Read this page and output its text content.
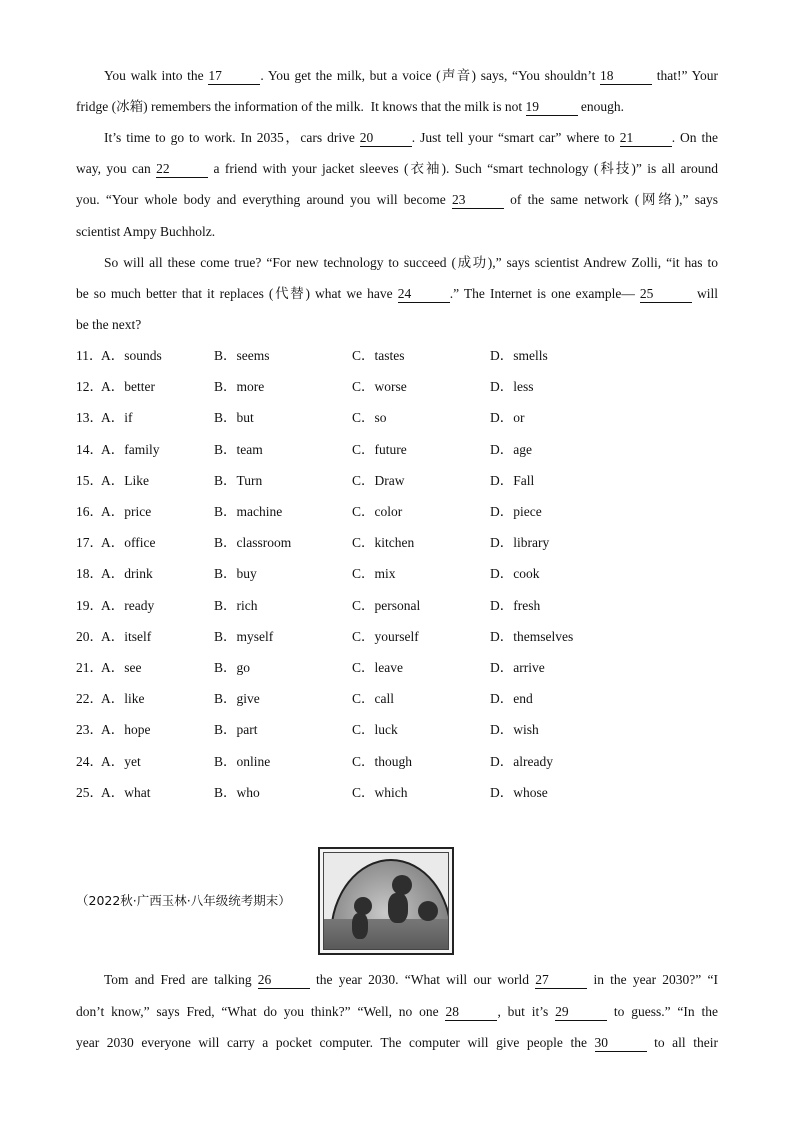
You walk into the 17	. You get the milk, but a voice (声音) says, “You shouldn’t 18	that!” Your
fridge (冰箱) remembers the information of the milk.  It knows that the milk is not 19	enough.
It’s time to go to work. In 2035，cars drive 20	. Just tell your “smart car” where to 21	. On the
way, you can 22	a friend with your jacket sleeves (衣袖). Such “smart technology (科技)” is all around
you. “Your whole body and everything around you will become 23	of the same network (网络),” says
scientist Ampy Buchholz.
So will all these come true? “For new technology to succeed (成功),” says scientist Andrew Zolli, “it has to
be so much better that it replaces (代替) what we have 24	.” The Internet is one example— 25	will
be the next?
11．
A．sounds	B．seems	C．tastes	D．smells
12．
A．better	B．more	C．worse	D．less
13．
A．if	B．but	C．so	D．or
14．
A．family	B．team	C．future	D．age
15．
A．Like	B．Turn	C．Draw	D．Fall
16．
A．price	B．machine	C．color	D．piece
17．
A．office	B．classroom	C．kitchen	D．library
18．
A．drink	B．buy	C．mix	D．cook
19．
A．ready	B．rich	C．personal	D．fresh
20．
A．itself	B．myself	C．yourself	D．themselves
21．
A．see	B．go	C．leave	D．arrive
22．
A．like	B．give	C．call	D．end
23．
A．hope	B．part	C．luck	D．wish
24．
A．yet	B．online	C．though	D．already
25．
A．what	B．who	C．which	D．whose
（2022秋·广西玉林·八年级统考期末）
Tom and Fred are talking 26	the year 2030. “What will our world 27	in the year 2030?” “I
don’t know,” says Fred, “What do you think?” “Well, no one 28	, but it’s 29	to guess.” “In the
year 2030 everyone will carry a pocket computer. The computer will give people the 30	to all their
